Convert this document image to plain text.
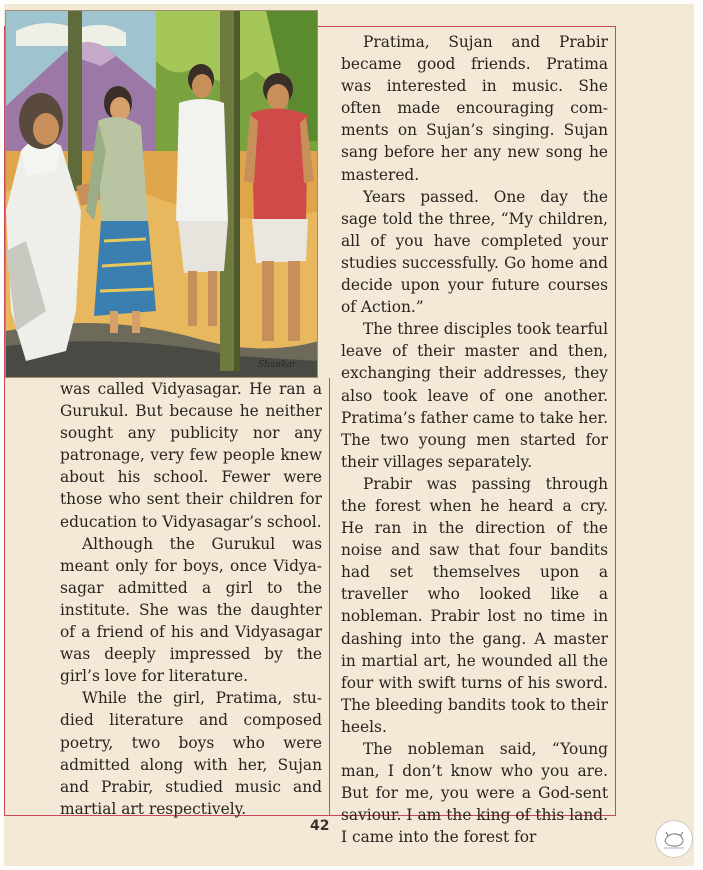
Shankar

Pratima, Sujan and Prabir became good friends. Pratima was interested in music. She often made encouraging com-ments on Sujan’s singing. Sujan sang before her any new song he mastered.

Years passed. One day the sage told the three, “My children, all of you have completed your studies successfully. Go home and decide upon your future courses of Action.”

The three disciples took tearful leave of their master and then, exchanging their addresses, they also took leave of one another. Pratima’s father came to take her. The two young men started for their villages separately.

Prabir was passing through the forest when he heard a cry. He ran in the direction of the noise and saw that four bandits had set themselves upon a traveller who looked like a nobleman. Prabir lost no time in dashing into the gang. A master in martial art, he wounded all the four with swift turns of his sword. The bleeding bandits took to their heels.

The nobleman said, “Young man, I don’t know who you are. But for me, you were a God-sent saviour. I am the king of this land. I came into the forest for

was called Vidyasagar. He ran a Gurukul. But because he neither sought any publicity nor any patronage, very few people knew about his school. Fewer were those who sent their children for education to Vidyasagar’s school.

Although the Gurukul was meant only for boys, once Vidya-sagar admitted a girl to the institute. She was the daughter of a friend of his and Vidyasagar was deeply impressed by the girl’s love for literature.

While the girl, Pratima, stu-died literature and composed poetry, two boys who were admitted along with her, Sujan and Prabir, studied music and martial art respectively.

42
